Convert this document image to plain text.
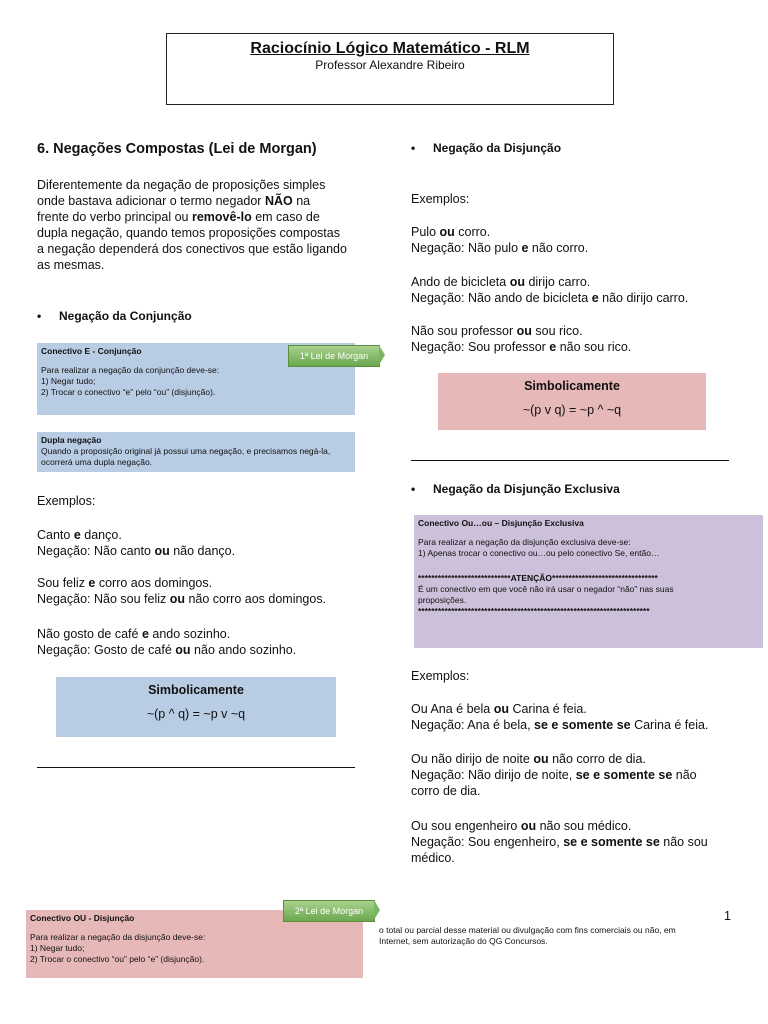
Raciocínio Lógico Matemático - RLM
Professor Alexandre Ribeiro
6. Negações Compostas (Lei de Morgan)
Diferentemente da negação de proposições simples
onde bastava adicionar o termo negador NÃO na
frente do verbo principal ou removê-lo em caso de
dupla negação, quando temos proposições compostas
a negação dependerá dos conectivos que estão ligando
as mesmas.
• Negação da Conjunção
Conectivo E - Conjunção
Para realizar a negação da conjunção deve-se:
1) Negar tudo;
2) Trocar o conectivo “e” pelo “ou” (disjunção).
1ª Lei de Morgan
Dupla negação
Quando a proposição original já possui uma negação, e precisamos negá-la,
ocorrerá uma dupla negação.
Exemplos:
Canto e danço.
Negação: Não canto ou não danço.
Sou feliz e corro aos domingos.
Negação: Não sou feliz ou não corro aos domingos.
Não gosto de café e ando sozinho.
Negação: Gosto de café ou não ando sozinho.
Simbolicamente
~(p ^ q) = ~p v ~q
Conectivo OU - Disjunção
Para realizar a negação da disjunção deve-se:
1) Negar tudo;
2) Trocar o conectivo “ou” pelo “e” (disjunção).
2ª Lei de Morgan
• Negação da Disjunção
Exemplos:
Pulo ou corro.
Negação: Não pulo e não corro.
Ando de bicicleta ou dirijo carro.
Negação: Não ando de bicicleta e não dirijo carro.
Não sou professor ou sou rico.
Negação: Sou professor e não sou rico.
Simbolicamente
~(p v q) = ~p ^ ~q
• Negação da Disjunção Exclusiva
Conectivo Ou…ou – Disjunção Exclusiva
Para realizar a negação da disjunção exclusiva deve-se:
1) Apenas trocar o conectivo ou…ou pelo conectivo Se, então…
****************************ATENÇÃO********************************
É um conectivo em que você não irá usar o negador “não” nas suas
proposições.
**********************************************************************
Exemplos:
Ou Ana é bela ou Carina é feia.
Negação: Ana é bela, se e somente se Carina é feia.
Ou não dirijo de noite ou não corro de dia.
Negação: Não dirijo de noite, se e somente se não
corro de dia.
Ou sou engenheiro ou não sou médico.
Negação: Sou engenheiro, se e somente se não sou
médico.
1
o total ou parcial desse material ou divulgação com fins comerciais ou não, em
Internet, sem autorização do QG Concursos.
